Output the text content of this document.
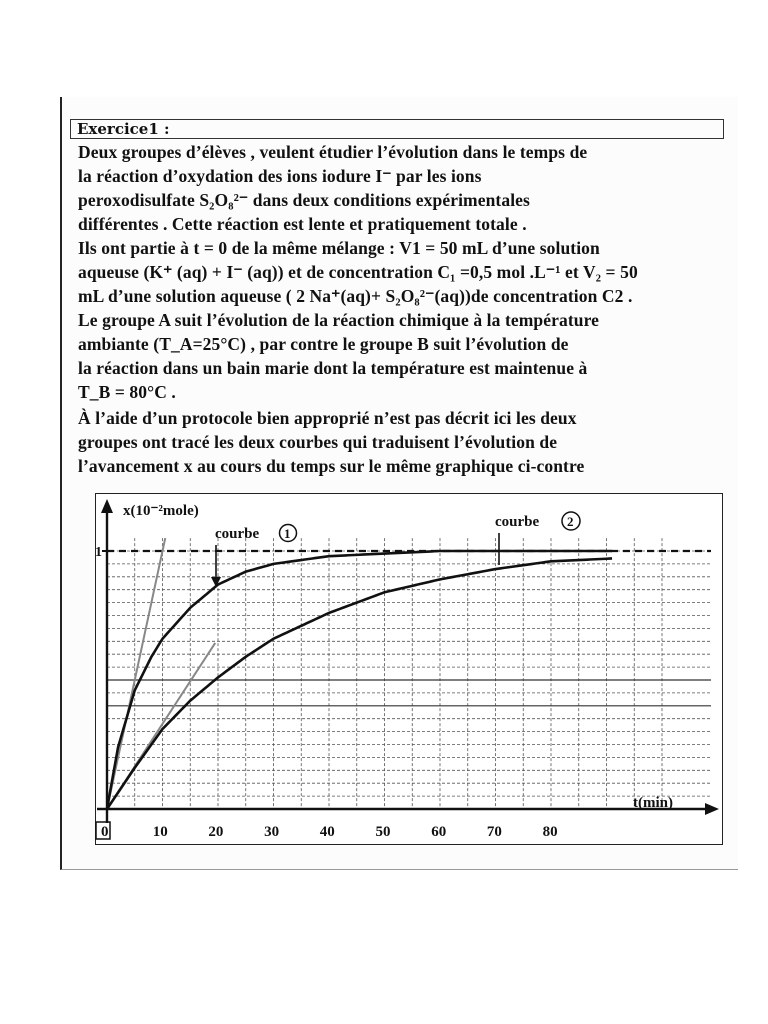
Exercice1 :
Deux groupes d’élèves , veulent étudier l’évolution dans le temps de
la réaction d’oxydation des ions iodure I⁻ par les ions
peroxodisulfate S₂O₈²⁻ dans deux conditions expérimentales
différentes . Cette réaction est lente et pratiquement totale .
Ils ont partie à t = 0 de la même mélange : V1 = 50 mL d’une solution
aqueuse (K⁺ (aq) + I⁻ (aq)) et de concentration C₁ =0,5 mol .L⁻¹ et V₂ = 50
mL d’une solution aqueuse ( 2 Na⁺(aq)+ S₂O₈²⁻(aq))de concentration C2 .
Le groupe A suit l’évolution de la réaction chimique à la température
ambiante (T_A=25°C) , par contre le groupe B suit l’évolution de
la réaction dans un bain marie dont la température est maintenue à
T_B = 80°C .
À l’aide d’un protocole bien approprié n’est pas décrit ici les deux
groupes ont tracé les deux courbes qui traduisent l’évolution de
l’avancement x au cours du temps sur le même graphique ci-contre
0	10	20	30	40	50	60	70	80
1
x(10⁻²mole)
t(min)
courbe 1
courbe 2
